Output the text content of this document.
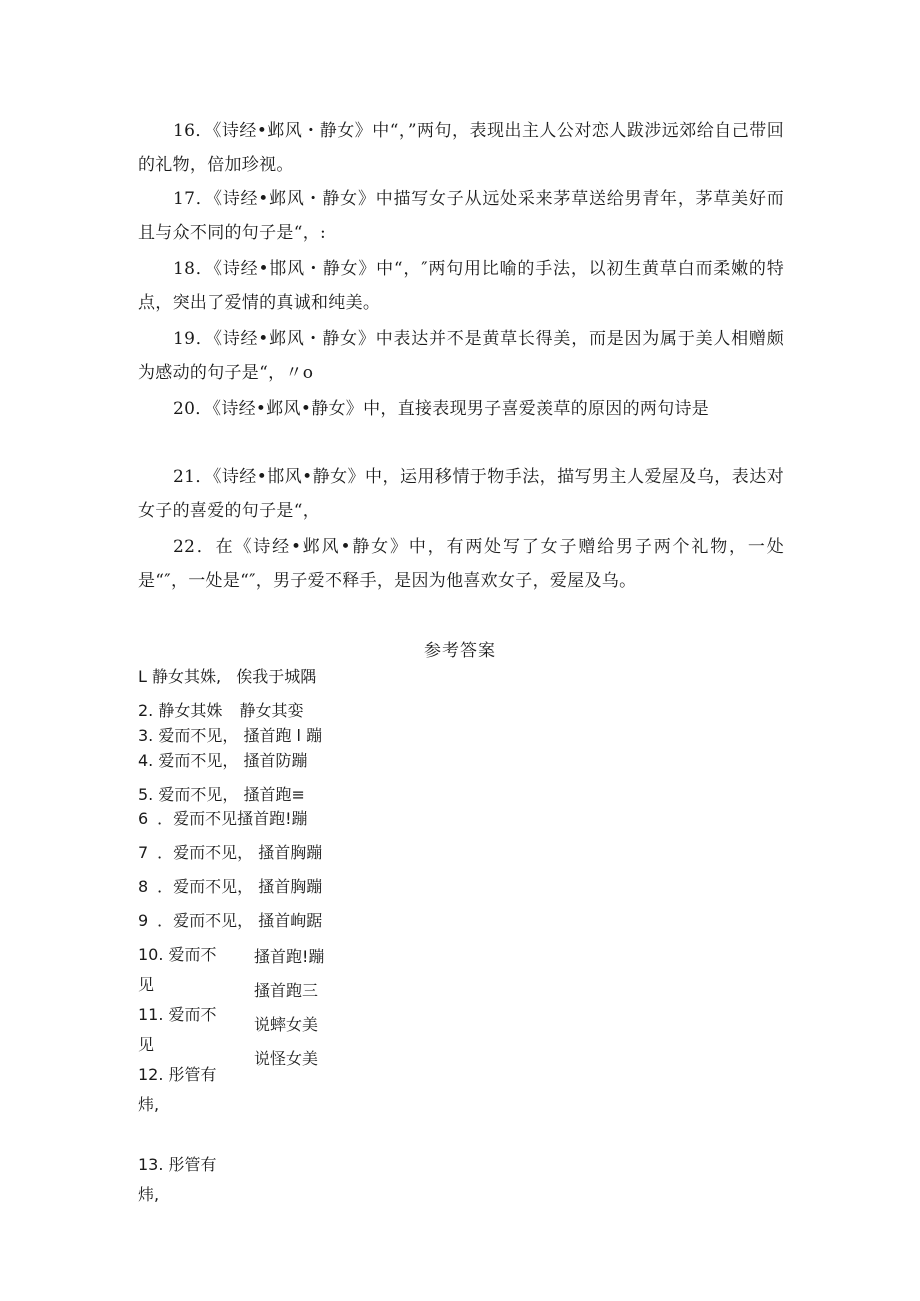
16．《诗经•邺风・静女》中“，”两句，表现出主人公对恋人跋涉远郊给自己带回的礼物，倍加珍视。
17．《诗经•邺风・静女》中描写女子从远处采来茅草送给男青年，茅草美好而且与众不同的句子是“，:
18．《诗经•邯风・静女》中“，″两句用比喻的手法，以初生黄草白而柔嫩的特点，突出了爱情的真诚和纯美。
19．《诗经•邺风・静女》中表达并不是黄草长得美，而是因为属于美人相赠颇为感动的句子是“，〃o
20．《诗经•邺风•静女》中，直接表现男子喜爱羡草的原因的两句诗是
21．《诗经•邯风•静女》中，运用移情于物手法，描写男主人爱屋及乌，表达对女子的喜爱的句子是“，
22．在《诗经•邺风•静女》中，有两处写了女子赠给男子两个礼物，一处是“″，一处是“″，男子爱不释手，是因为他喜欢女子，爱屋及乌。
参考答案
L 静女其姝, 俟我于城隅
2. 静女其姝 静女其娈
3. 爱而不见， 搔首跑 l 蹦
4. 爱而不见， 搔首防蹦
5. 爱而不见， 搔首跑≡
6 ．爱而不见搔首跑!蹦
7 ．爱而不见， 搔首胸蹦
8 ．爱而不见， 搔首胸蹦
9 ．爱而不见， 搔首峋踞
10. 爱而不见
11. 爱而不见
12. 彤管有炜,

13. 彤管有炜,
搔首跑!蹦
搔首跑三
说蟀女美
说怪女美
